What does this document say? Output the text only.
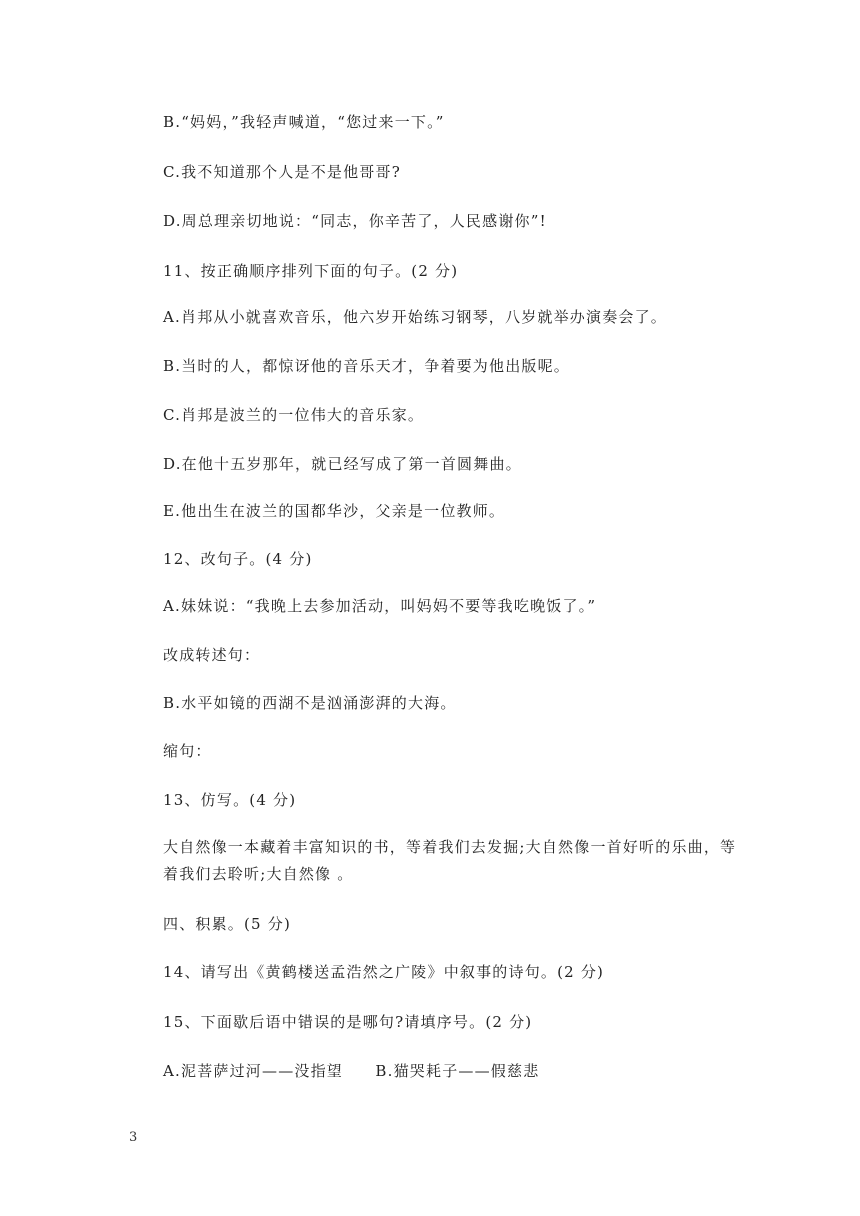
B.“妈妈，”我轻声喊道，“您过来一下。”
C.我不知道那个人是不是他哥哥?
D.周总理亲切地说：“同志，你辛苦了，人民感谢你”!
11、按正确顺序排列下面的句子。(2 分)
A.肖邦从小就喜欢音乐，他六岁开始练习钢琴，八岁就举办演奏会了。
B.当时的人，都惊讶他的音乐天才，争着要为他出版呢。
C.肖邦是波兰的一位伟大的音乐家。
D.在他十五岁那年，就已经写成了第一首圆舞曲。
E.他出生在波兰的国都华沙，父亲是一位教师。
12、改句子。(4 分)
A.妹妹说：“我晚上去参加活动，叫妈妈不要等我吃晚饭了。”
改成转述句：
B.水平如镜的西湖不是汹涌澎湃的大海。
缩句：
13、仿写。(4 分)
大自然像一本藏着丰富知识的书，等着我们去发掘;大自然像一首好听的乐曲，等着我们去聆听;大自然像 。
四、积累。(5 分)
14、请写出《黄鹤楼送孟浩然之广陵》中叙事的诗句。(2 分)
15、下面歇后语中错误的是哪句?请填序号。(2 分)
A.泥菩萨过河——没指望　　B.猫哭耗子——假慈悲
3
